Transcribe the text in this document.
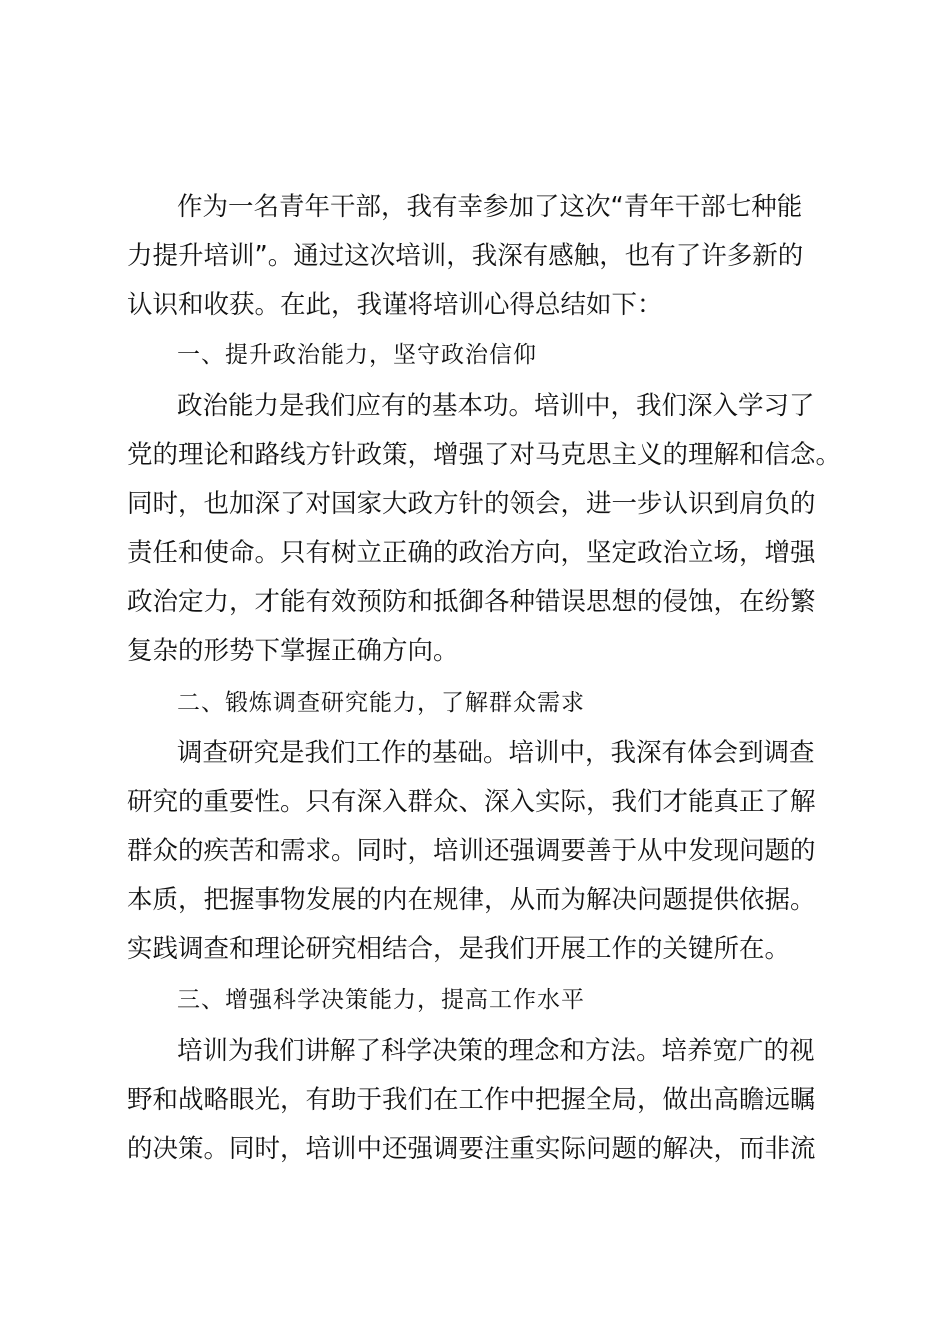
作为一名青年干部，我有幸参加了这次“青年干部七种能
力提升培训”。通过这次培训，我深有感触，也有了许多新的
认识和收获。在此，我谨将培训心得总结如下：
一、提升政治能力，坚守政治信仰
政治能力是我们应有的基本功。培训中，我们深入学习了
党的理论和路线方针政策，增强了对马克思主义的理解和信念。
同时，也加深了对国家大政方针的领会，进一步认识到肩负的
责任和使命。只有树立正确的政治方向，坚定政治立场，增强
政治定力，才能有效预防和抵御各种错误思想的侵蚀，在纷繁
复杂的形势下掌握正确方向。
二、锻炼调查研究能力，了解群众需求
调查研究是我们工作的基础。培训中，我深有体会到调查
研究的重要性。只有深入群众、深入实际，我们才能真正了解
群众的疾苦和需求。同时，培训还强调要善于从中发现问题的
本质，把握事物发展的内在规律，从而为解决问题提供依据。
实践调查和理论研究相结合，是我们开展工作的关键所在。
三、增强科学决策能力，提高工作水平
培训为我们讲解了科学决策的理念和方法。培养宽广的视
野和战略眼光，有助于我们在工作中把握全局，做出高瞻远瞩
的决策。同时，培训中还强调要注重实际问题的解决，而非流
